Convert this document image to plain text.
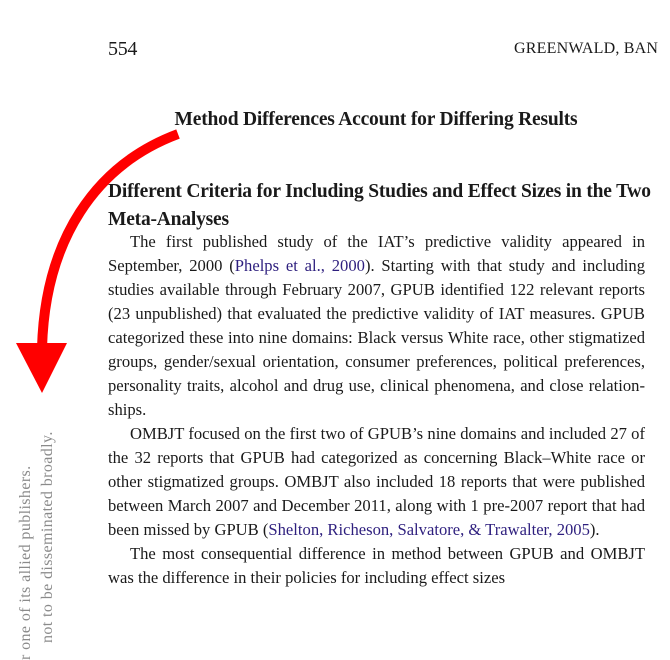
554	GREENWALD, BAN
Method Differences Account for Differing Results
Different Criteria for Including Studies and Effect Sizes in the Two Meta-Analyses

The first published study of the IAT’s predictive validity appeared in September, 2000 (Phelps et al., 2000). Starting with that study and including studies available through February 2007, GPUB identified 122 relevant reports (23 unpublished) that evaluated the predictive validity of IAT measures. GPUB categorized these into nine domains: Black versus White race, other stigmatized groups, gender/sexual orientation, consumer preferences, political preferences, personality traits, alcohol and drug use, clinical phenomena, and close relationships.

OMBJT focused on the first two of GPUB’s nine domains and included 27 of the 32 reports that GPUB had categorized as concerning Black–White race or other stigmatized groups. OMBJT also included 18 reports that were published between March 2007 and December 2011, along with 1 pre-2007 report that had been missed by GPUB (Shelton, Richeson, Salvatore, & Trawalter, 2005).

The most consequential difference in method between GPUB and OMBJT was the difference in their policies for including effect sizes

r one of its allied publishers. not to be disseminated broadly.
